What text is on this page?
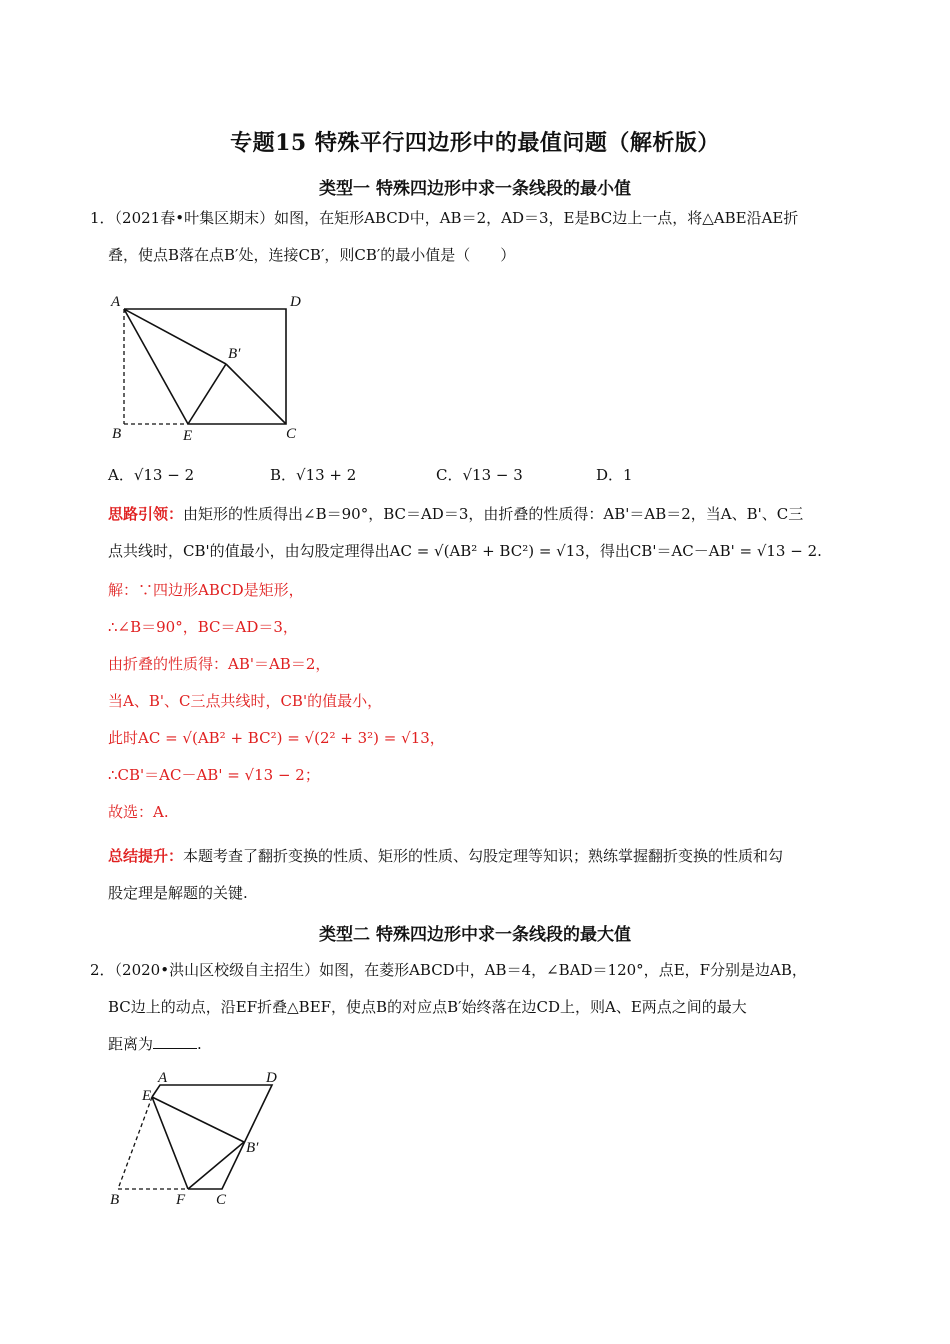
专题15 特殊平行四边形中的最值问题（解析版）
类型一 特殊四边形中求一条线段的最小值
1．（2021春•叶集区期末）如图，在矩形ABCD中，AB＝2，AD＝3，E是BC边上一点，将△ABE沿AE折
叠，使点B落在点B′处，连接CB′，则CB′的最小值是（　　）
A	D
B	E	C
B′
A．√13 − 2	B．√13 + 2	C．√13 − 3	D．1
思路引领：由矩形的性质得出∠B＝90°，BC＝AD＝3，由折叠的性质得：AB'＝AB＝2，当A、B'、C三
点共线时，CB'的值最小，由勾股定理得出AC = √(AB² + BC²) = √13，得出CB'＝AC－AB' = √13 − 2.
解：∵四边形ABCD是矩形，
∴∠B＝90°，BC＝AD＝3，
由折叠的性质得：AB'＝AB＝2，
当A、B'、C三点共线时，CB'的值最小，
此时AC = √(AB² + BC²) = √(2² + 3²) = √13，
∴CB'＝AC－AB' = √13 − 2；
故选：A.
总结提升：本题考查了翻折变换的性质、矩形的性质、勾股定理等知识；熟练掌握翻折变换的性质和勾
股定理是解题的关键.
类型二 特殊四边形中求一条线段的最大值
2．（2020•洪山区校级自主招生）如图，在菱形ABCD中，AB＝4，∠BAD＝120°，点E，F分别是边AB，
BC边上的动点，沿EF折叠△BEF，使点B的对应点B′始终落在边CD上，则A、E两点之间的最大
距离为	.
A	D
E
B′
B	F C
